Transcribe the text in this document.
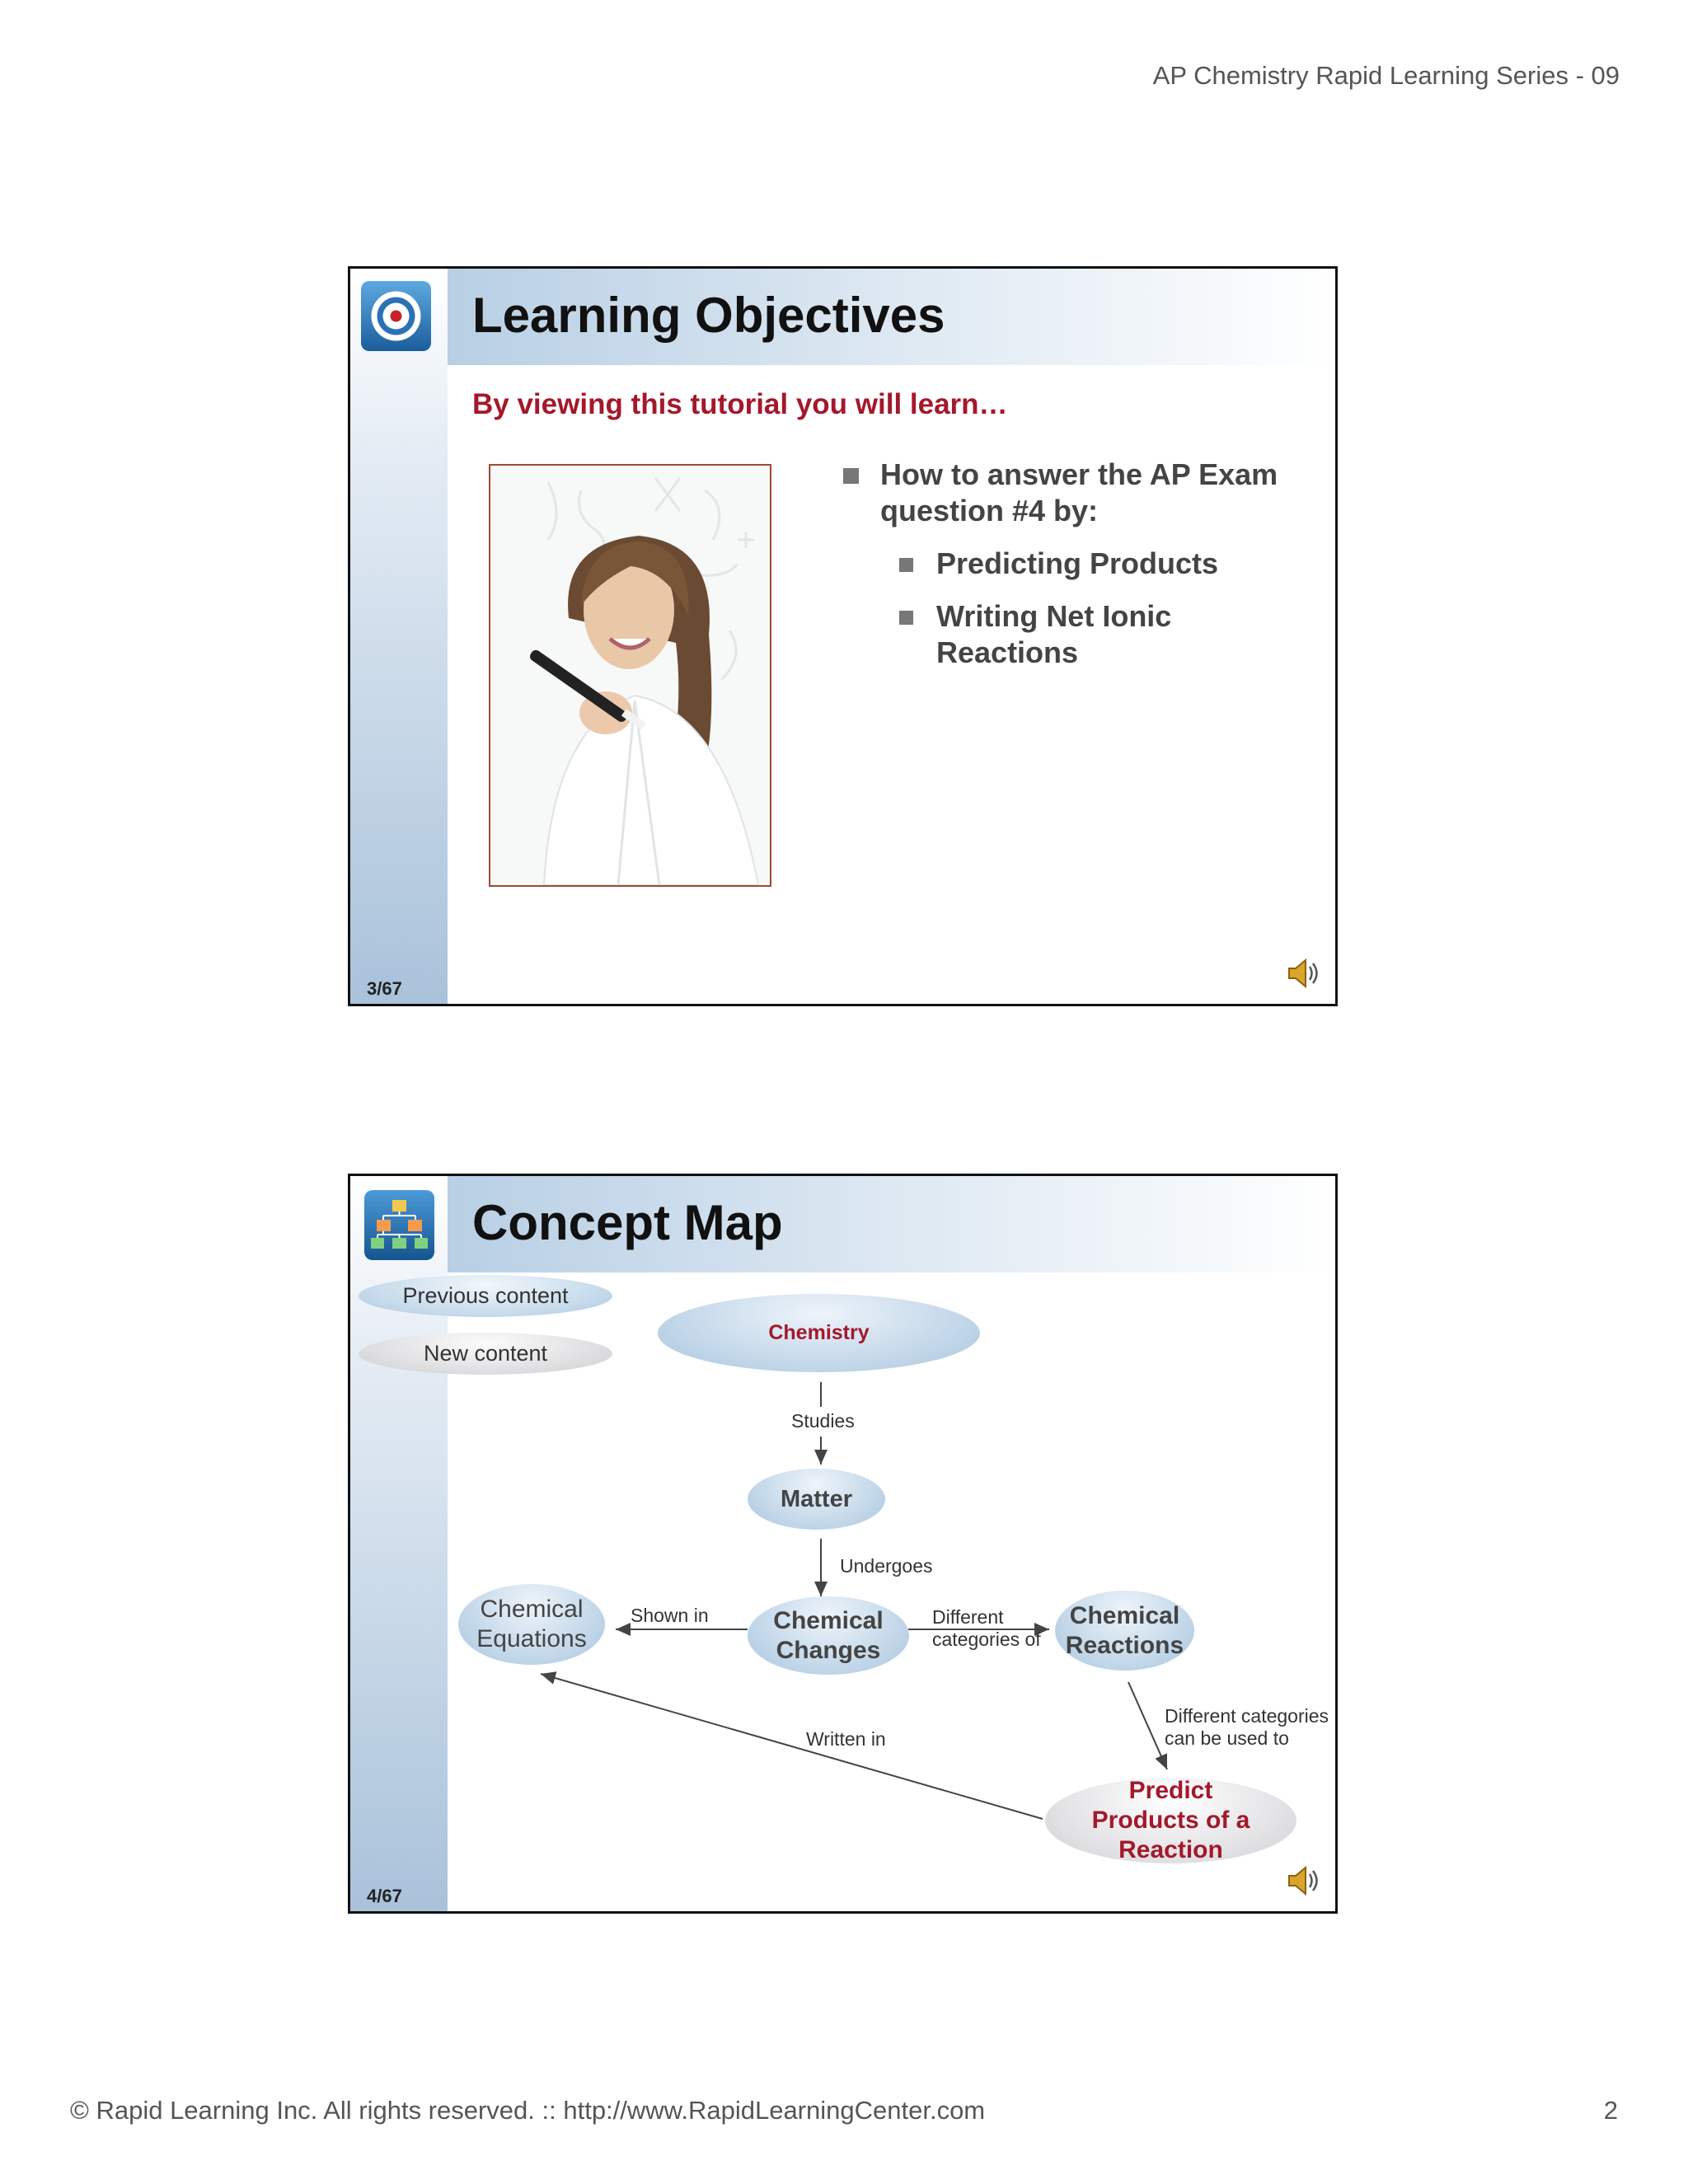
AP Chemistry Rapid Learning Series - 09
Learning Objectives
By viewing this tutorial you will learn…
How to answer the AP Exam question #4 by:
Predicting Products
Writing Net Ionic Reactions
3/67
Concept Map
Previous content
New content
Chemistry
Studies
Matter
Undergoes
Chemical Changes
Chemical Equations
Shown in	Chemical Reactions
Different categories of
Different categories can be used to
Written in
Predict Products of a Reaction
4/67
© Rapid Learning Inc. All rights reserved. :: http://www.RapidLearningCenter.com	2
